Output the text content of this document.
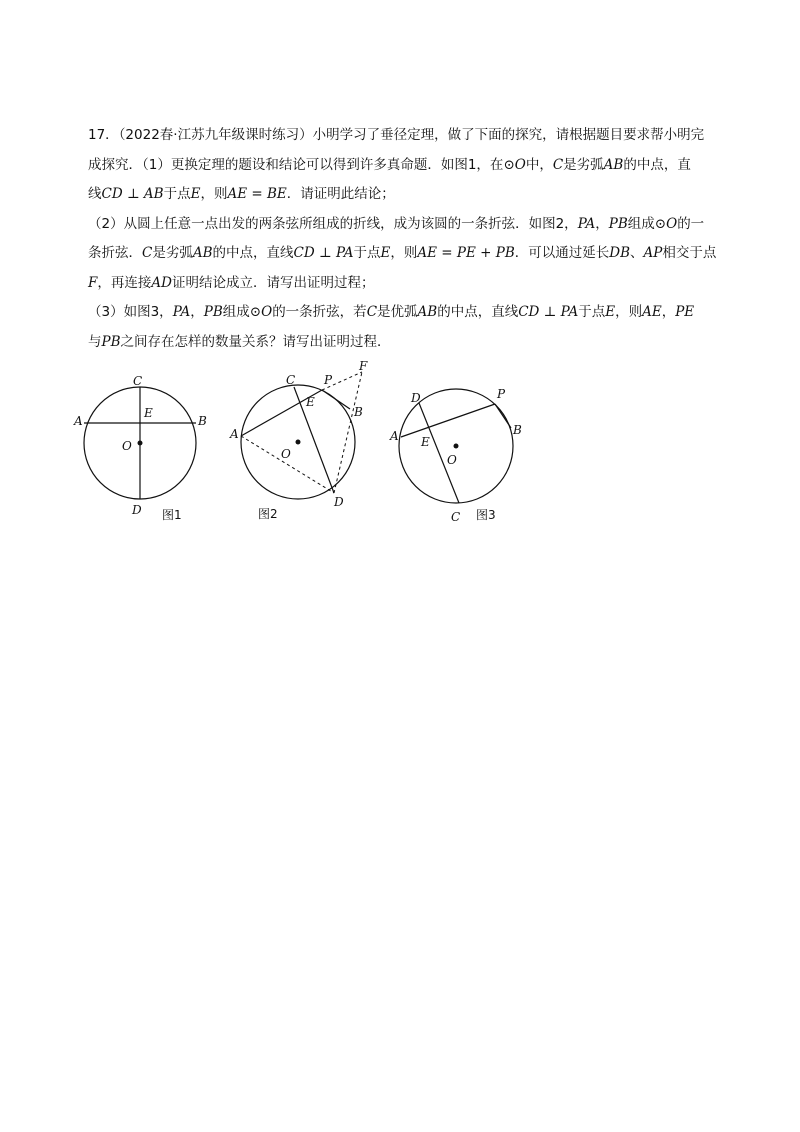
17．（2022春·江苏九年级课时练习）小明学习了垂径定理，做了下面的探究，请根据题目要求帮小明完
成探究．（1）更换定理的题设和结论可以得到许多真命题．如图1，在⊙O中，C是劣弧AB的中点，直
线CD ⊥ AB于点E，则AE = BE．请证明此结论；
（2）从圆上任意一点出发的两条弦所组成的折线，成为该圆的一条折弦．如图2，PA，PB组成⊙O的一
条折弦．C是劣弧AB的中点，直线CD ⊥ PA于点E，则AE = PE + PB．可以通过延长DB、AP相交于点
F，再连接AD证明结论成立．请写出证明过程；
（3）如图3，PA，PB组成⊙O的一条折弦，若C是优弧AB的中点，直线CD ⊥ PA于点E，则AE，PE
与PB之间存在怎样的数量关系？请写出证明过程．
A	B
C
D
E
O
图1
A
B
C
D
E
O
P
F
图2
A	B
C
D
E
O
P
图3
